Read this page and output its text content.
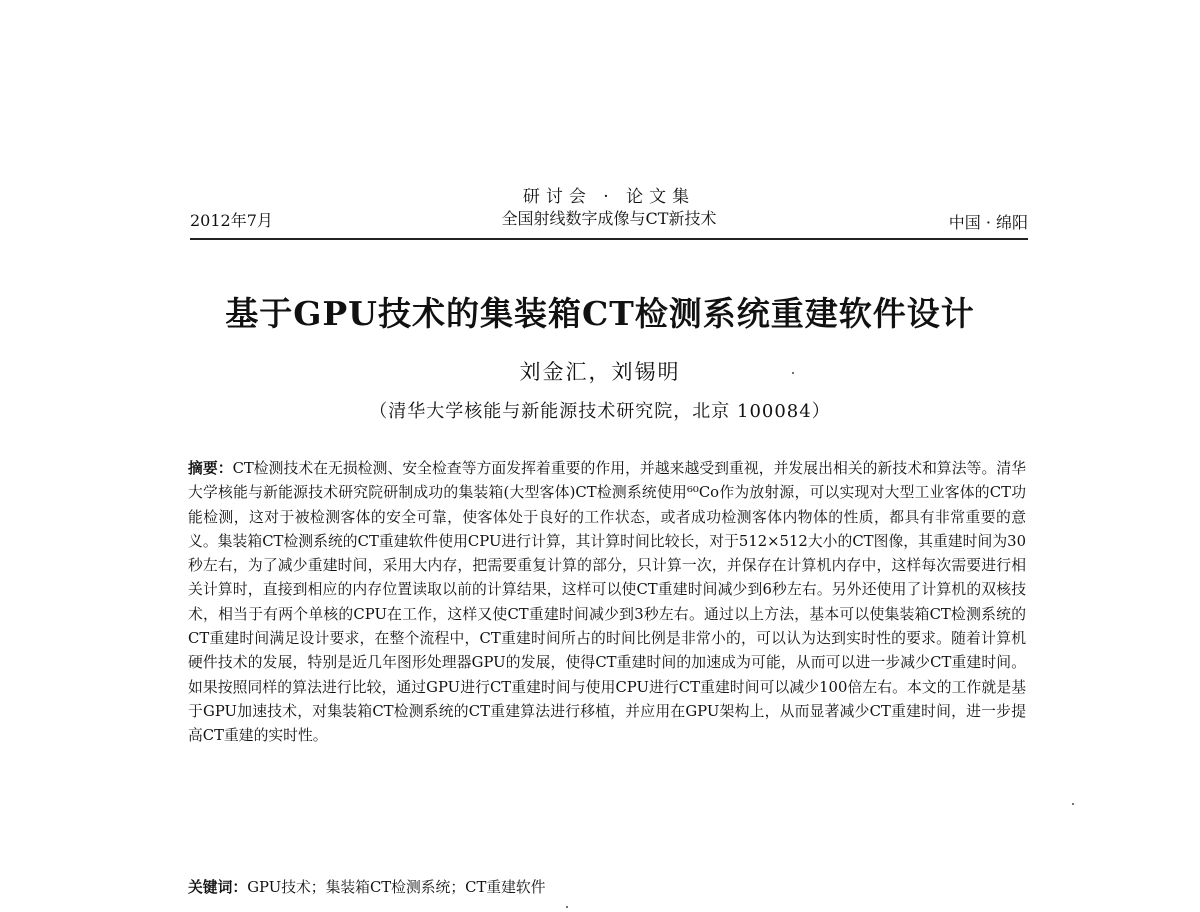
研讨会 · 论文集
全国射线数字成像与CT新技术
2012年7月	中国 · 绵阳
基于GPU技术的集装箱CT检测系统重建软件设计
刘金汇，刘锡明
（清华大学核能与新能源技术研究院，北京 100084）
摘要：CT检测技术在无损检测、安全检查等方面发挥着重要的作用，并越来越受到重视，并发展出相关的新技术和算法等。清华大学核能与新能源技术研究院研制成功的集装箱(大型客体)CT检测系统使用⁶⁰Co作为放射源，可以实现对大型工业客体的CT功能检测，这对于被检测客体的安全可靠，使客体处于良好的工作状态，或者成功检测客体内物体的性质，都具有非常重要的意义。集装箱CT检测系统的CT重建软件使用CPU进行计算，其计算时间比较长，对于512×512大小的CT图像，其重建时间为30秒左右，为了减少重建时间，采用大内存，把需要重复计算的部分，只计算一次，并保存在计算机内存中，这样每次需要进行相关计算时，直接到相应的内存位置读取以前的计算结果，这样可以使CT重建时间减少到6秒左右。另外还使用了计算机的双核技术，相当于有两个单核的CPU在工作，这样又使CT重建时间减少到3秒左右。通过以上方法，基本可以使集装箱CT检测系统的CT重建时间满足设计要求，在整个流程中，CT重建时间所占的时间比例是非常小的，可以认为达到实时性的要求。随着计算机硬件技术的发展，特别是近几年图形处理器GPU的发展，使得CT重建时间的加速成为可能，从而可以进一步减少CT重建时间。如果按照同样的算法进行比较，通过GPU进行CT重建时间与使用CPU进行CT重建时间可以减少100倍左右。本文的工作就是基于GPU加速技术，对集装箱CT检测系统的CT重建算法进行移植，并应用在GPU架构上，从而显著减少CT重建时间，进一步提高CT重建的实时性。
关键词：GPU技术；集装箱CT检测系统；CT重建软件
